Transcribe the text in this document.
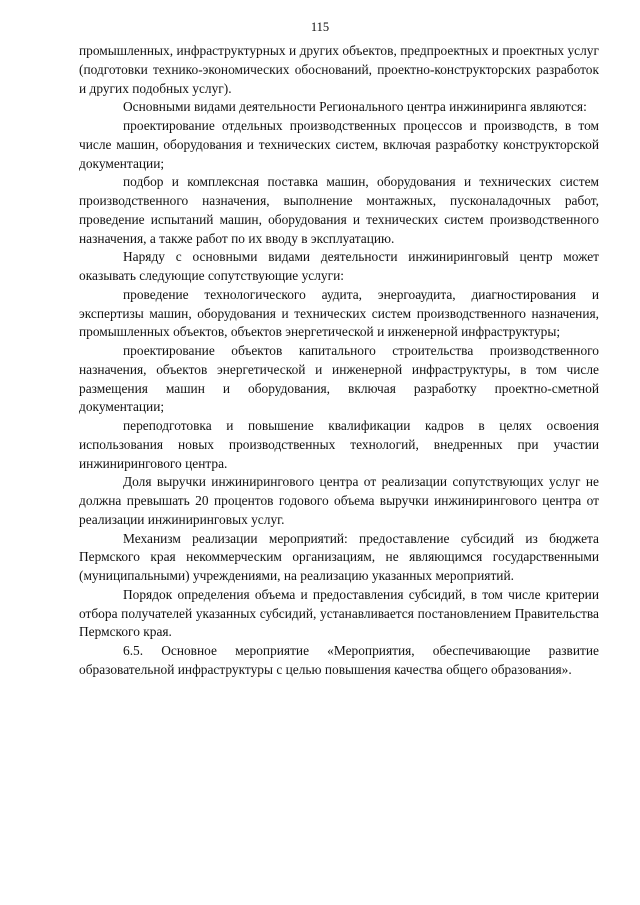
115

промышленных, инфраструктурных и других объектов, предпроектных и проектных услуг (подготовки технико-экономических обоснований, проектно-конструкторских разработок и других подобных услуг).

Основными видами деятельности Регионального центра инжиниринга являются:

проектирование отдельных производственных процессов и производств, в том числе машин, оборудования и технических систем, включая разработку конструкторской документации;

подбор и комплексная поставка машин, оборудования и технических систем производственного назначения, выполнение монтажных, пусконаладочных работ, проведение испытаний машин, оборудования и технических систем производственного назначения, а также работ по их вводу в эксплуатацию.

Наряду с основными видами деятельности инжиниринговый центр может оказывать следующие сопутствующие услуги:

проведение технологического аудита, энергоаудита, диагностирования и экспертизы машин, оборудования и технических систем производственного назначения, промышленных объектов, объектов энергетической и инженерной инфраструктуры;

проектирование объектов капитального строительства производственного назначения, объектов энергетической и инженерной инфраструктуры, в том числе размещения машин и оборудования, включая разработку проектно-сметной документации;

переподготовка и повышение квалификации кадров в целях освоения использования новых производственных технологий, внедренных при участии инжинирингового центра.

Доля выручки инжинирингового центра от реализации сопутствующих услуг не должна превышать 20 процентов годового объема выручки инжинирингового центра от реализации инжиниринговых услуг.

Механизм реализации мероприятий: предоставление субсидий из бюджета Пермского края некоммерческим организациям, не являющимся государственными (муниципальными) учреждениями, на реализацию указанных мероприятий.

Порядок определения объема и предоставления субсидий, в том числе критерии отбора получателей указанных субсидий, устанавливается постановлением Правительства Пермского края.

6.5. Основное мероприятие «Мероприятия, обеспечивающие развитие образовательной инфраструктуры с целью повышения качества общего образования».
